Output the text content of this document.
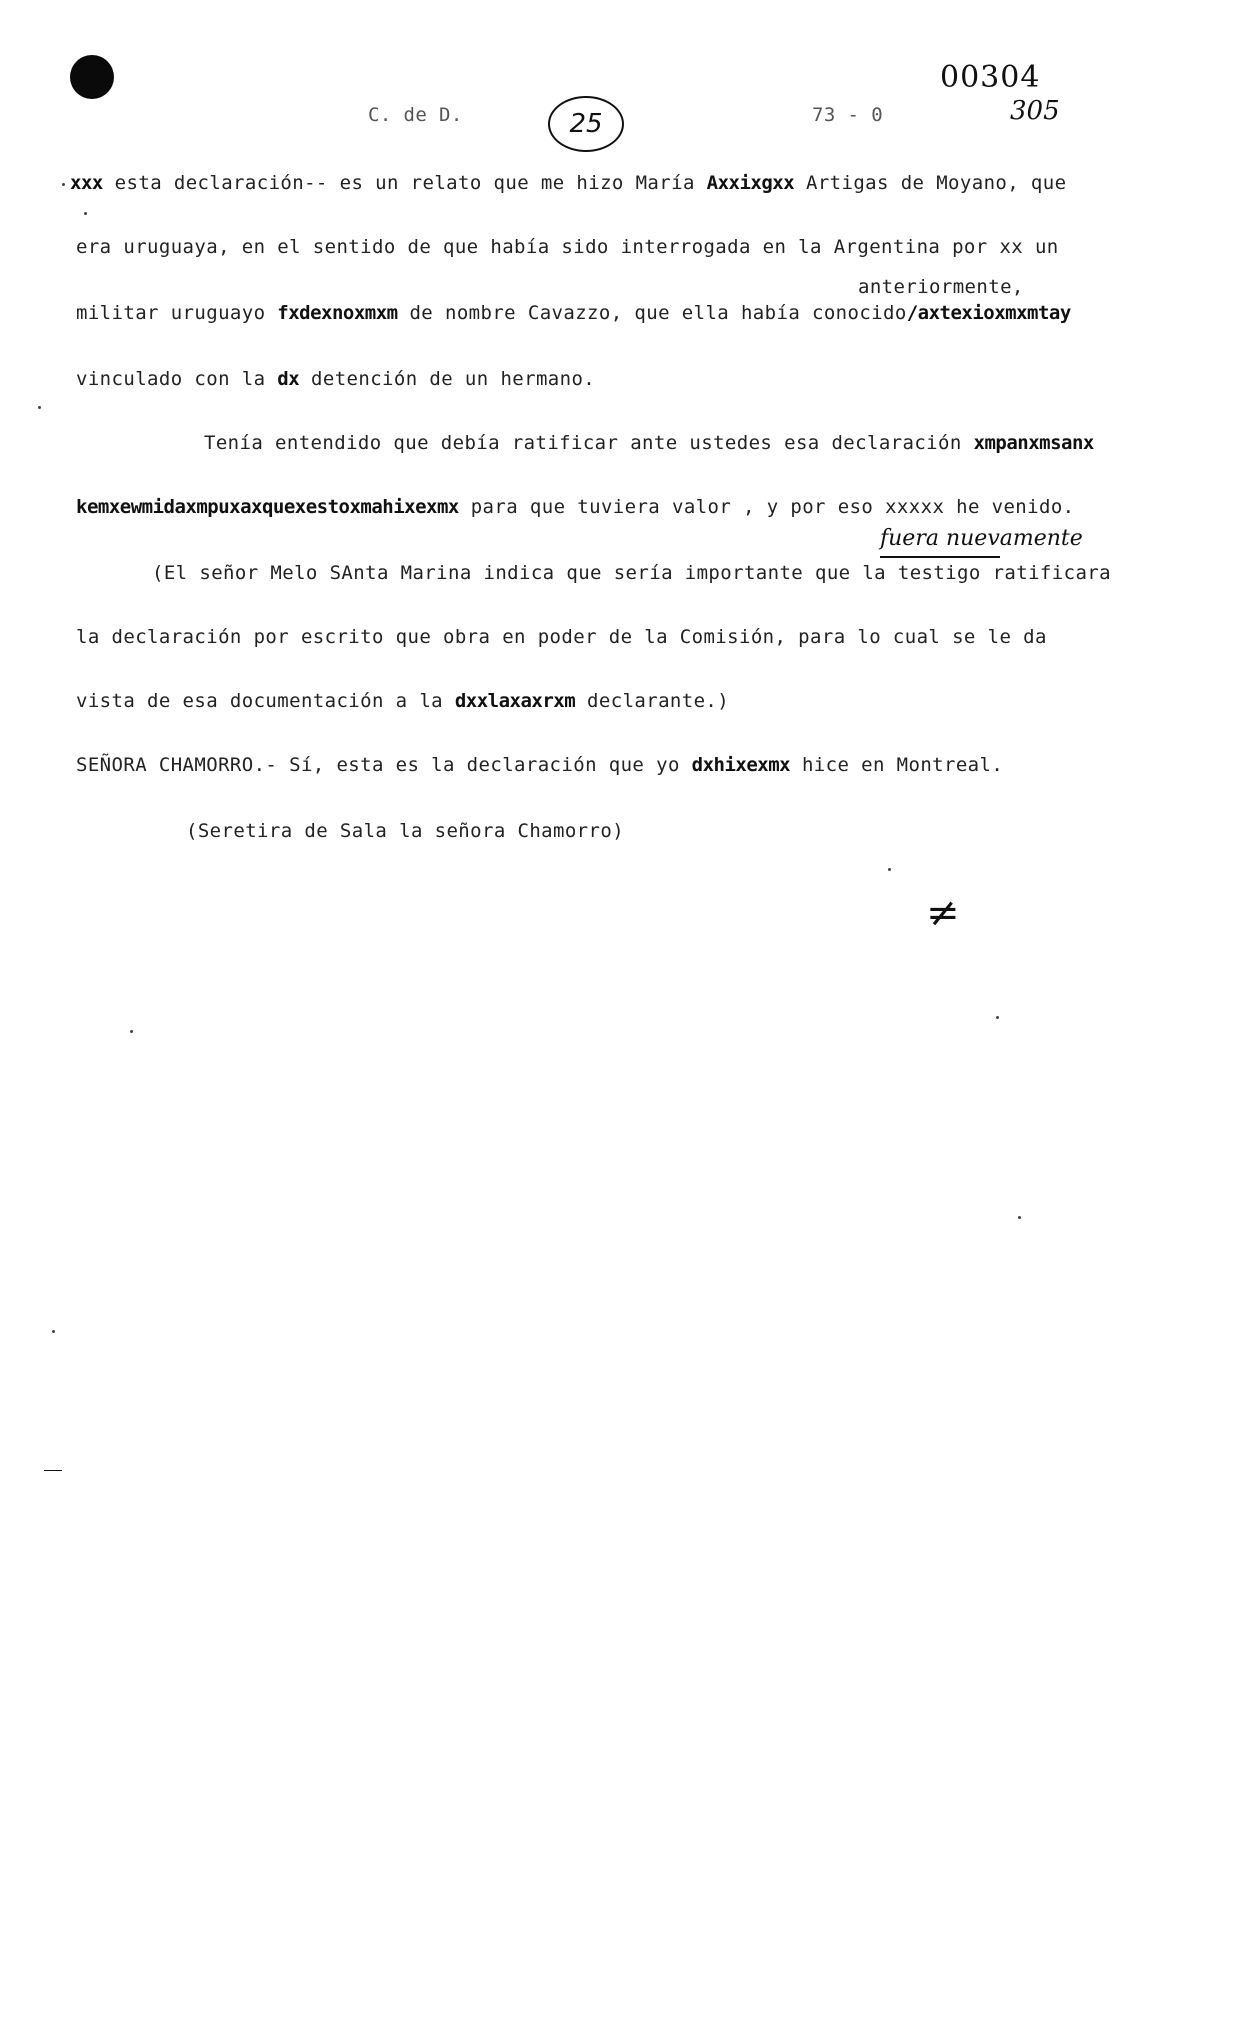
C. de D.	25	73 - 0
00304
305
xxx esta declaración-- es un relato que me hizo María Axxixgxx Artigas de Moyano, que
era uruguaya, en el sentido de que había sido interrogada en la Argentina por xx un
anteriormente,
militar uruguayo fxdexnoxmxm de nombre Cavazzo, que ella había conocido/axtexioxmxmtay
vinculado con la dx detención de un hermano.
Tenía entendido que debía ratificar ante ustedes esa declaración xmpanxmsanx
kemxewmidaxmpuxaxquexestoxmahixexmx para que tuviera valor , y por eso xxxxx he venido.
fuera nuevamente
(El señor Melo SAnta Marina indica que sería importante que la testigo ratificara
la declaración por escrito que obra en poder de la Comisión, para lo cual se le da
vista de esa documentación a la dxxlaxaxrxm declarante.)
SEÑORA CHAMORRO.- Sí, esta es la declaración que yo dxhixexmx hice en Montreal.
(Seretira de Sala la señora Chamorro)
≠
